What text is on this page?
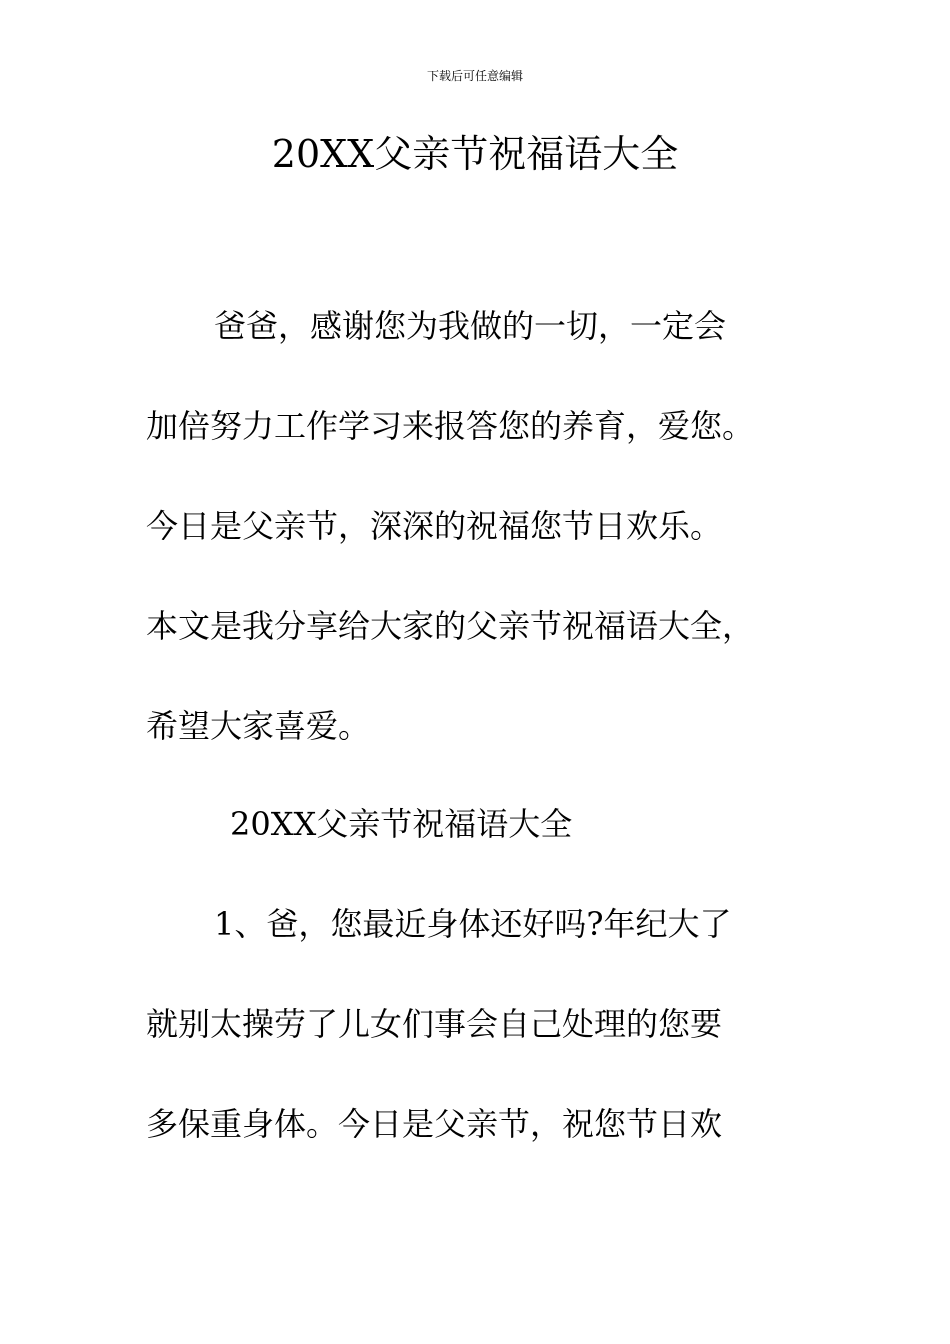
下载后可任意编辑
20XX父亲节祝福语大全
爸爸，感谢您为我做的一切，一定会
加倍努力工作学习来报答您的养育，爱您。
今日是父亲节，深深的祝福您节日欢乐。
本文是我分享给大家的父亲节祝福语大全，
希望大家喜爱。
20XX父亲节祝福语大全
1、爸，您最近身体还好吗?年纪大了
就别太操劳了儿女们事会自己处理的您要
多保重身体。今日是父亲节，祝您节日欢
